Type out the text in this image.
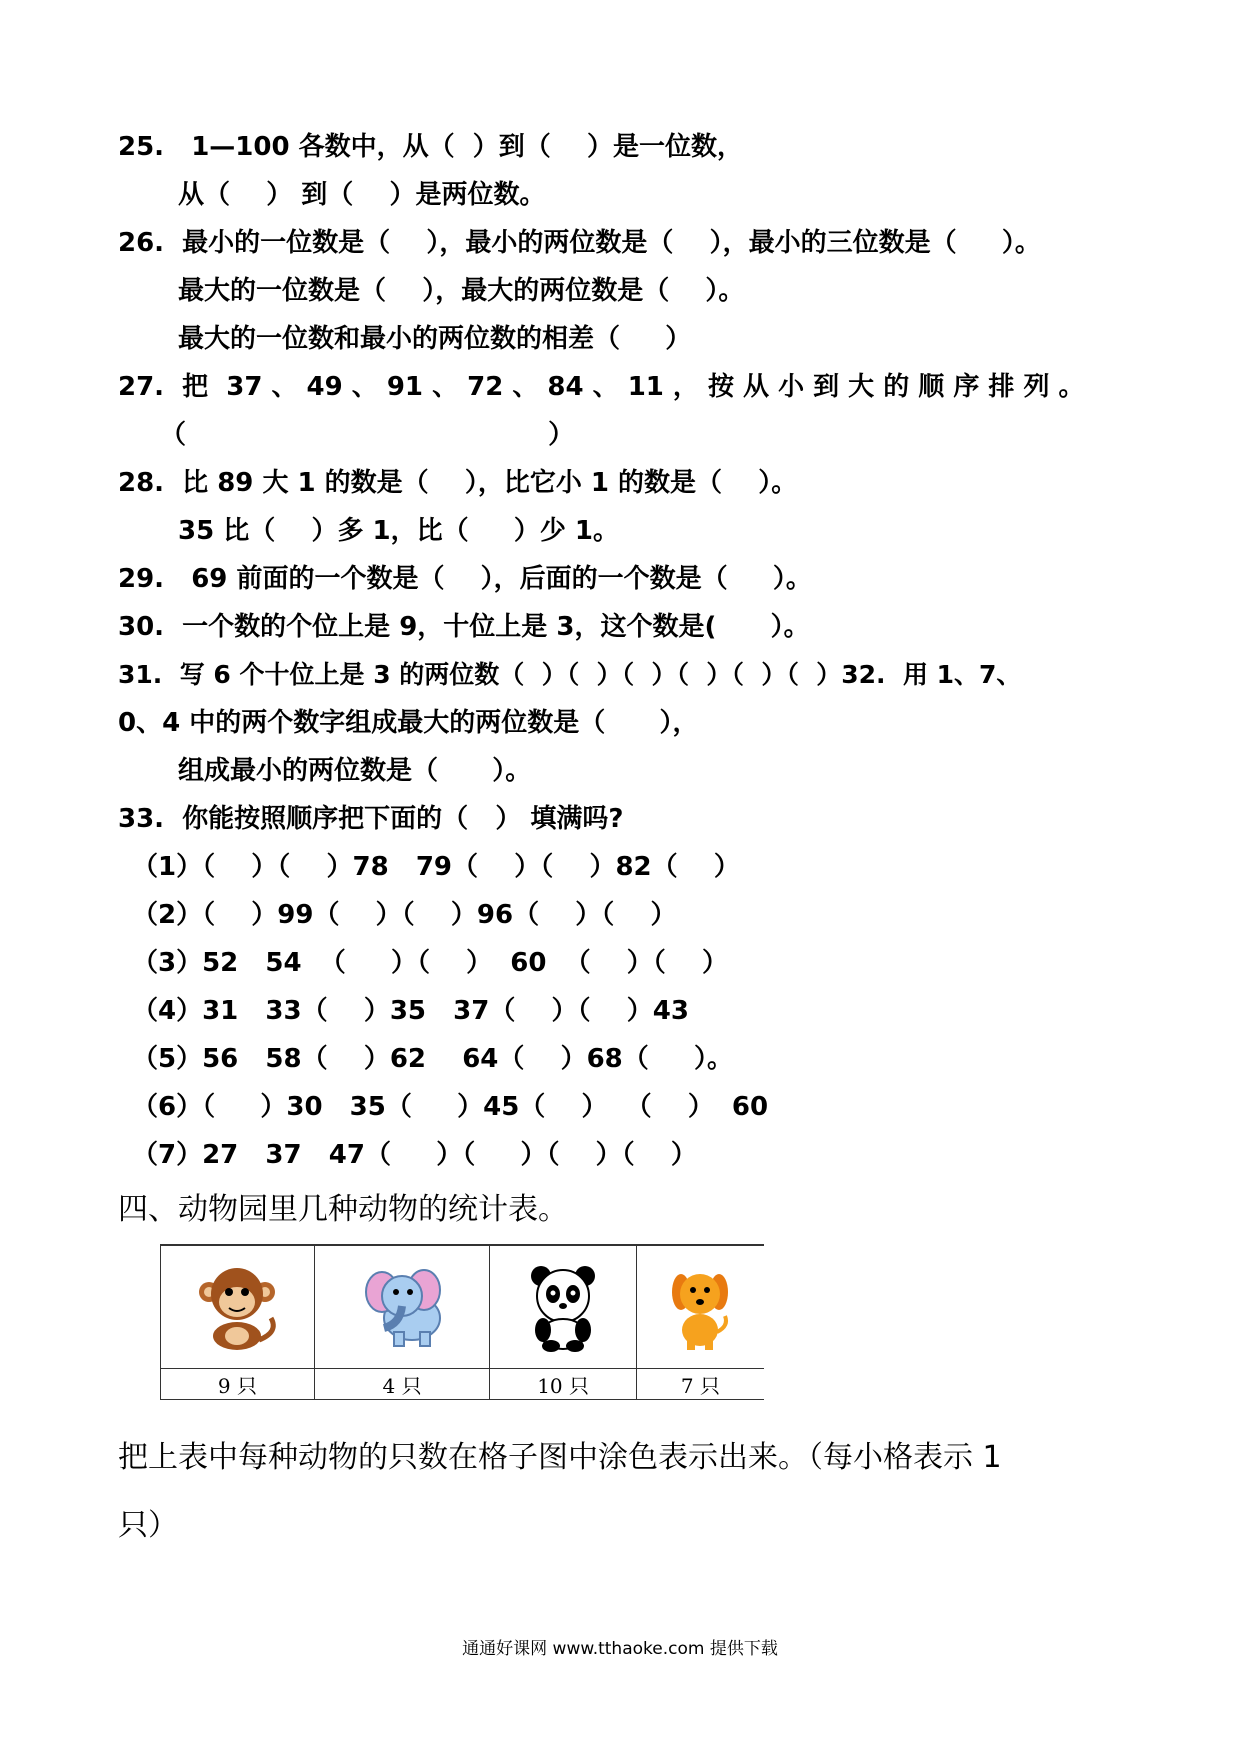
25.   1—100 各数中，从（  ）到（    ）是一位数，
从（    ） 到（    ）是两位数。
26.  最小的一位数是（    ），最小的两位数是（    ），最小的三位数是（     ）。
最大的一位数是（    ），最大的两位数是（    ）。
最大的一位数和最小的两位数的相差（     ）
27.  把  37 、 49 、 91 、 72 、 84 、 11 ， 按 从 小 到 大 的 顺 序 排 列 。
（                                        ）
28.  比 89 大 1 的数是（    ），比它小 1 的数是（    ）。
35 比（    ）多 1，比（     ）少 1。
29.   69 前面的一个数是（    ），后面的一个数是（     ）。
30.  一个数的个位上是 9，十位上是 3，这个数是(      ）。
31.  写 6 个十位上是 3 的两位数（  ）（  ）（  ）（  ）（  ）（  ）32.  用 1、7、
0、4 中的两个数字组成最大的两位数是（      ），
组成最小的两位数是（      ）。
33.  你能按照顺序把下面的（   ） 填满吗?
（1）（    ）（    ）78   79（    ）（    ）82（    ）
（2）（    ）99（    ）（    ）96（    ）（    ）
（3）52   54  （     ）（    ）  60  （    ）（    ）
（4）31   33（    ）35   37（    ）（    ）43
（5）56   58（    ）62    64（    ）68（     ）。
（6）（     ）30   35（     ）45（    ）  （    ）  60
（7）27   37   47（     ）（     ）（    ）（    ）
四、动物园里几种动物的统计表。

9 只	4 只	10 只	7 只
把上表中每种动物的只数在格子图中涂色表示出来。（每小格表示 1
只）
通通好课网 www.tthaoke.com 提供下载
